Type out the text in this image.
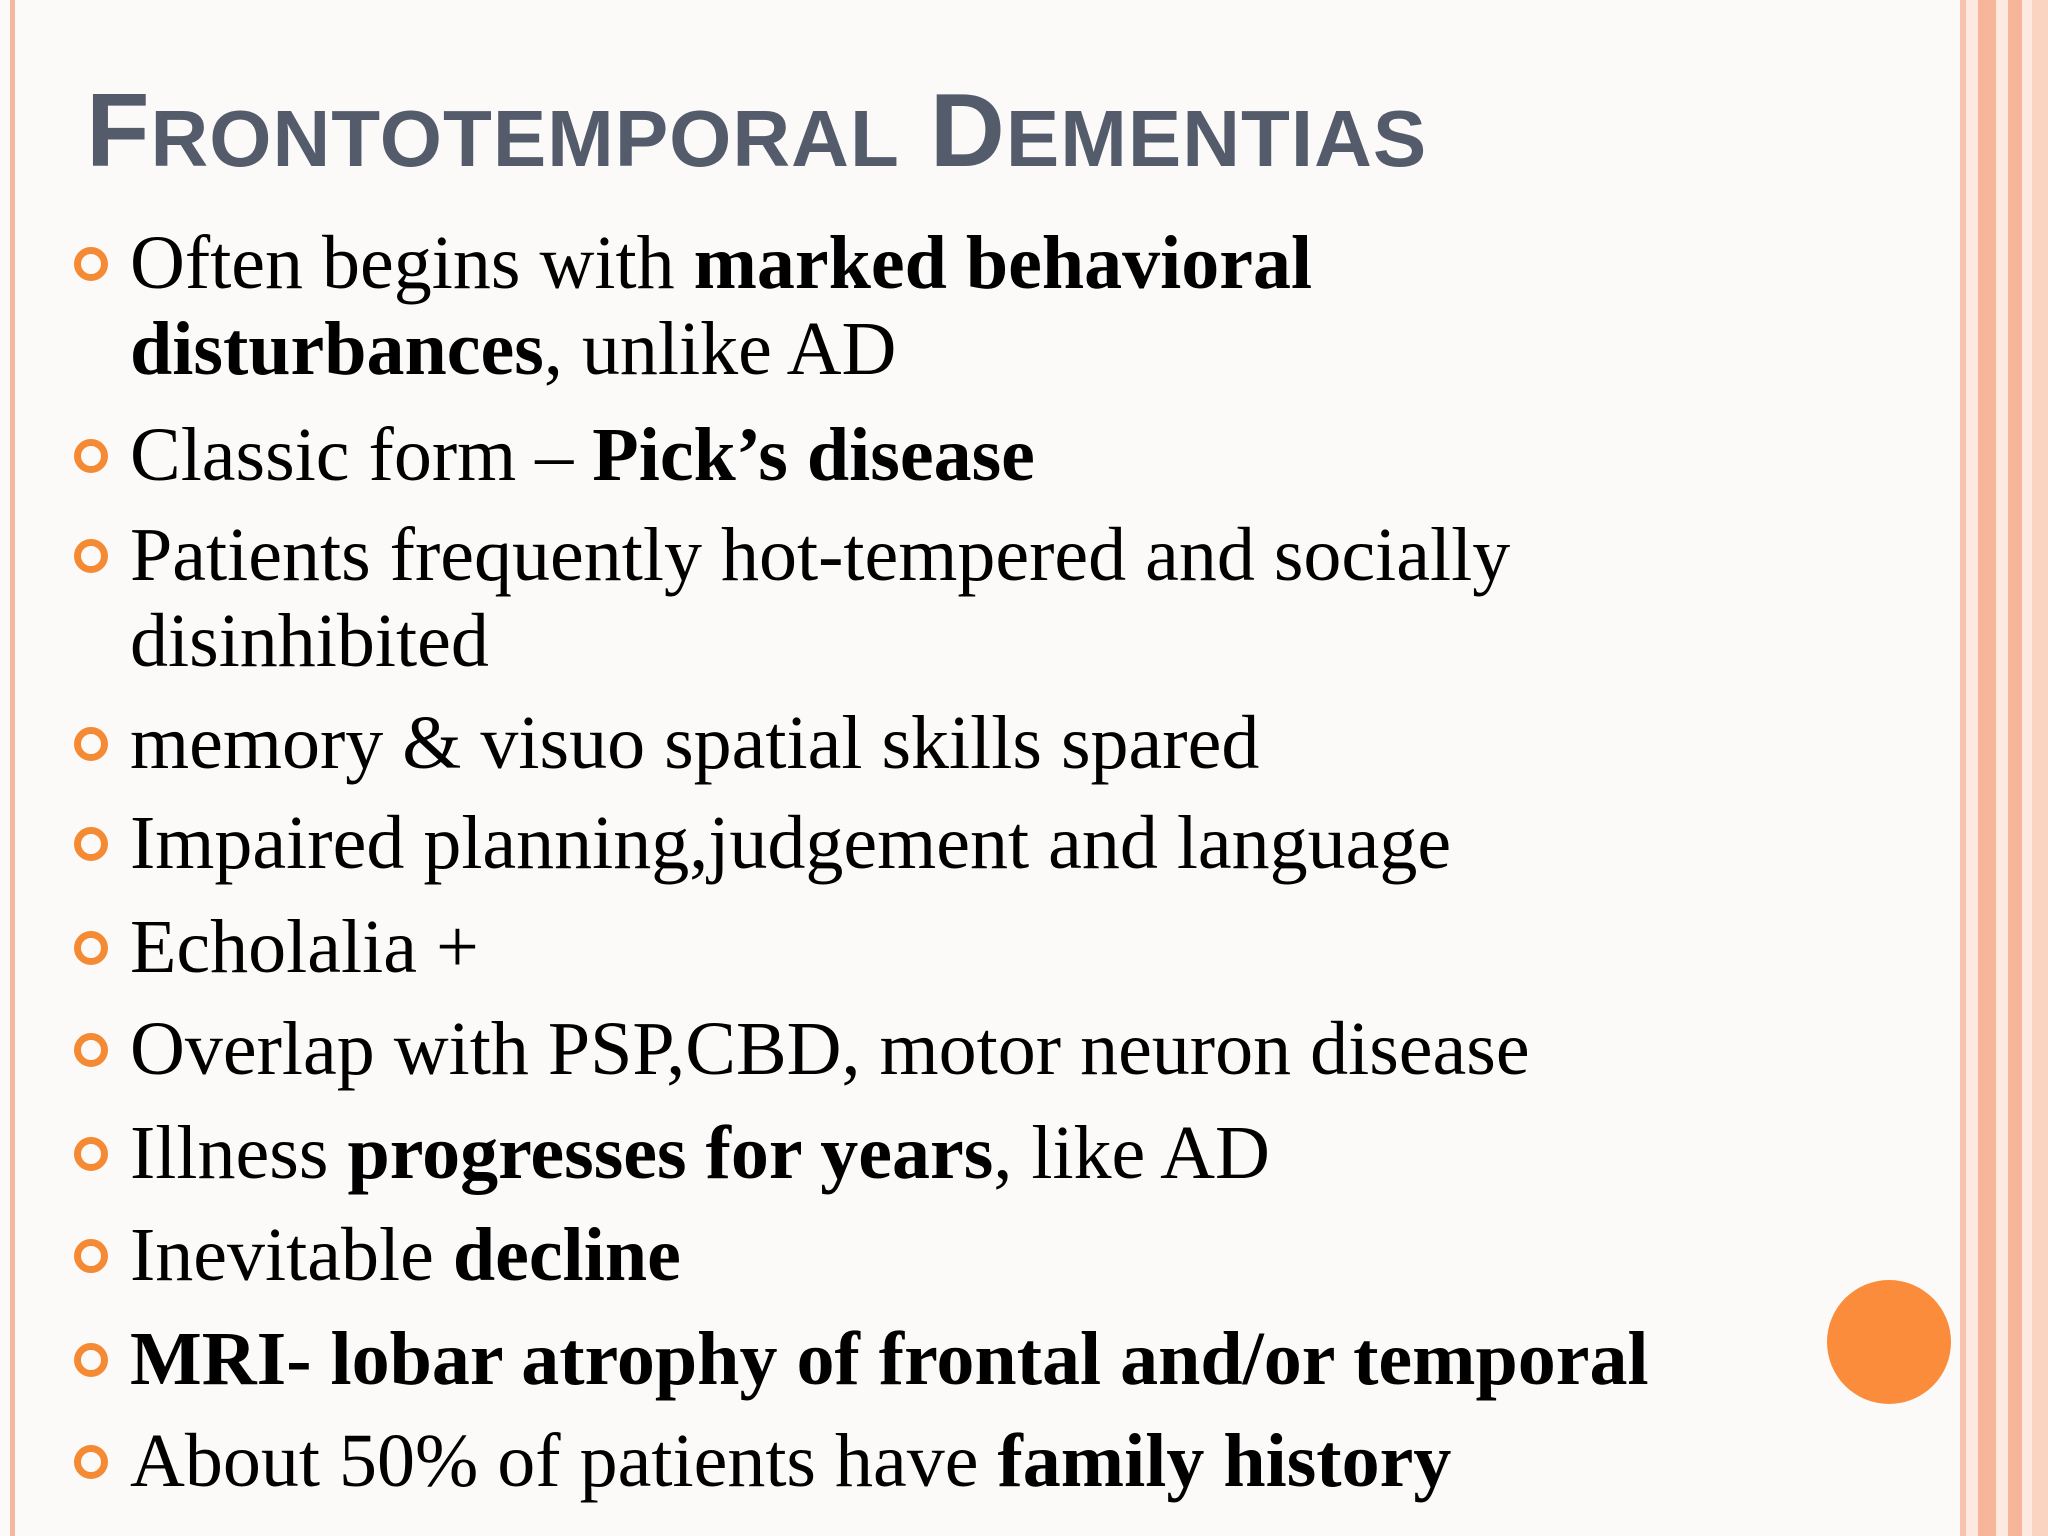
FRONTOTEMPORAL DEMENTIAS
Often begins with marked behavioral
disturbances, unlike AD
Classic form – Pick’s disease
Patients frequently hot-tempered and socially
disinhibited
memory & visuo spatial skills spared
Impaired planning,judgement and language
Echolalia +
Overlap with PSP,CBD, motor neuron disease
Illness progresses for years, like AD
Inevitable decline
MRI- lobar atrophy of frontal and/or temporal
About 50% of patients have family history
